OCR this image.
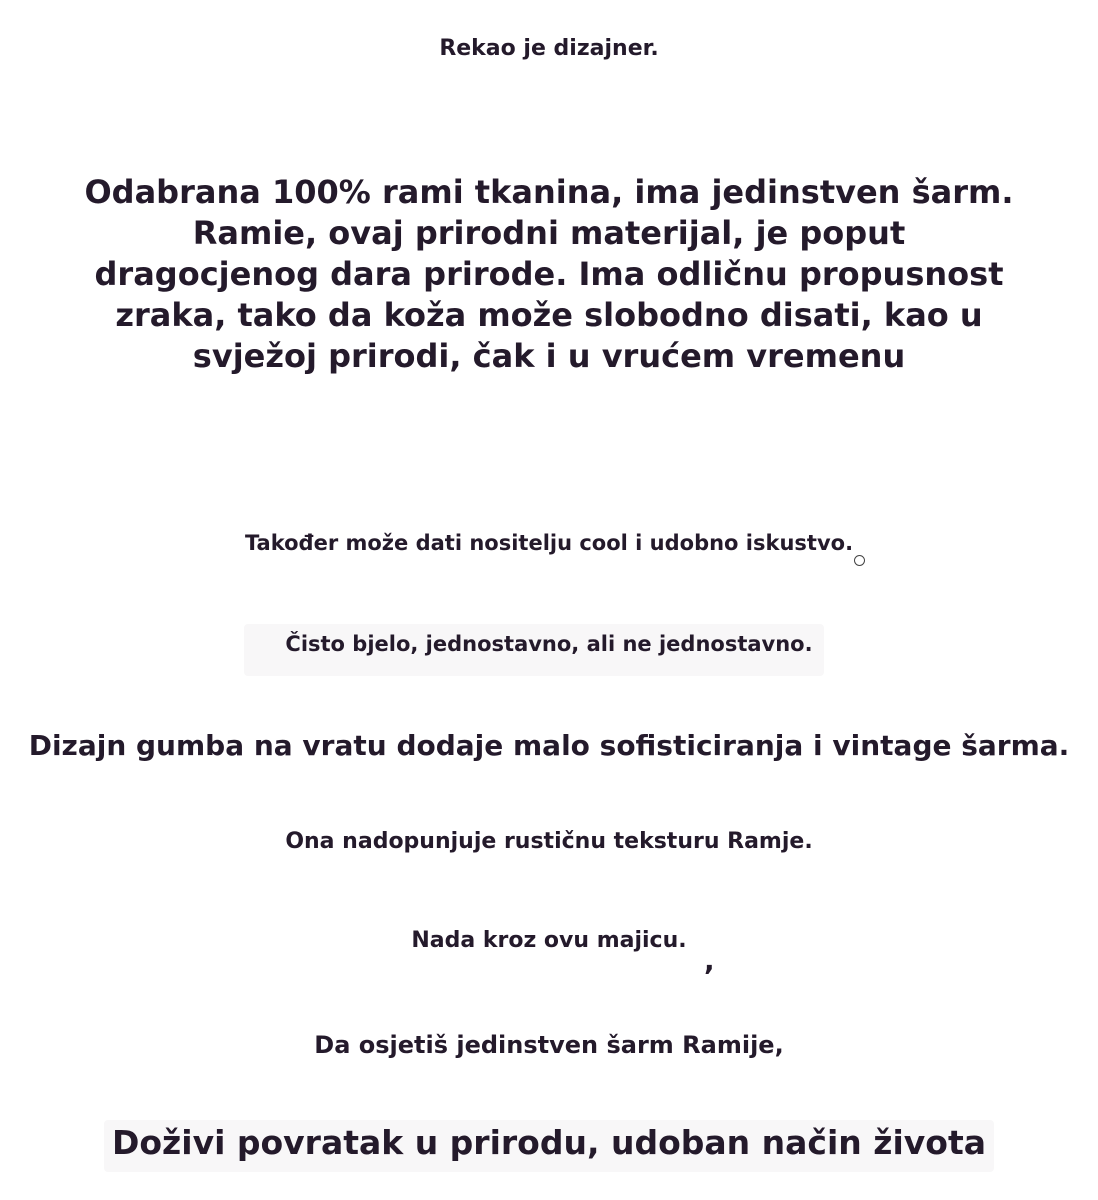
Rekao je dizajner.

Odabrana 100% rami tkanina, ima jedinstven šarm. Ramie, ovaj prirodni materijal, je poput dragocjenog dara prirode. Ima odličnu propusnost zraka, tako da koža može slobodno disati, kao u svježoj prirodi, čak i u vrućem vremenu

Također može dati nositelju cool i udobno iskustvo.

Čisto bjelo, jednostavno, ali ne jednostavno.

Dizajn gumba na vratu dodaje malo sofisticiranja i vintage šarma.

Ona nadopunjuje rustičnu teksturu Ramje.

Nada kroz ovu majicu.

,

Da osjetiš jedinstven šarm Ramije,

Doživi povratak u prirodu, udoban način života
